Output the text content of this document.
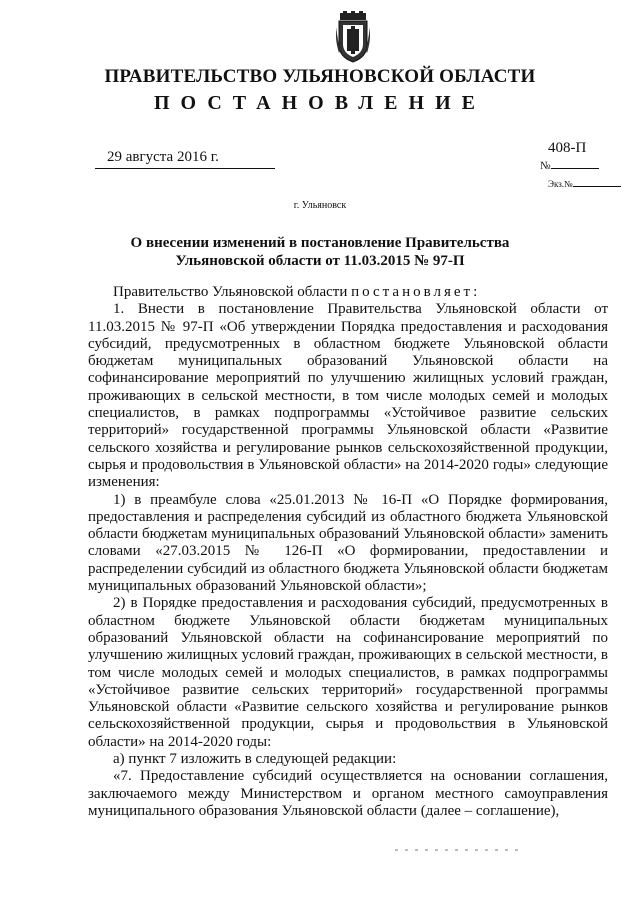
ПРАВИТЕЛЬСТВО УЛЬЯНОВСКОЙ ОБЛАСТИ
ПОСТАНОВЛЕНИЕ
29 августа 2016 г.
408-П
№
Экз.№
г. Ульяновск
О внесении изменений в постановление Правительства
Ульяновской области от 11.03.2015 № 97-П

Правительство Ульяновской области постановляет:

1. Внести в постановление Правительства Ульяновской области от 11.03.2015 № 97-П «Об утверждении Порядка предоставления и расходования субсидий, предусмотренных в областном бюджете Ульяновской области бюджетам муниципальных образований Ульяновской области на софинансирование мероприятий по улучшению жилищных условий граждан, проживающих в сельской местности, в том числе молодых семей и молодых специалистов, в рамках подпрограммы «Устойчивое развитие сельских территорий» государственной программы Ульяновской области «Развитие сельского хозяйства и регулирование рынков сельскохозяйственной продукции, сырья и продовольствия в Ульяновской области» на 2014-2020 годы» следующие изменения:

1) в преамбуле слова «25.01.2013 № 16-П «О Порядке формирования, предоставления и распределения субсидий из областного бюджета Ульяновской области бюджетам муниципальных образований Ульяновской области» заменить словами «27.03.2015 № 126-П «О формировании, предоставлении и распределении субсидий из областного бюджета Ульяновской области бюджетам муниципальных образований Ульяновской области»;

2) в Порядке предоставления и расходования субсидий, предусмотренных в областном бюджете Ульяновской области бюджетам муниципальных образований Ульяновской области на софинансирование мероприятий по улучшению жилищных условий граждан, проживающих в сельской местности, в том числе молодых семей и молодых специалистов, в рамках подпрограммы «Устойчивое развитие сельских территорий» государственной программы Ульяновской области «Развитие сельского хозяйства и регулирование рынков сельскохозяйственной продукции, сырья и продовольствия в Ульяновской области» на 2014-2020 годы:

а) пункт 7 изложить в следующей редакции:

«7. Предоставление субсидий осуществляется на основании соглашения, заключаемого между Министерством и органом местного самоуправления муниципального образования Ульяновской области (далее – соглашение),
